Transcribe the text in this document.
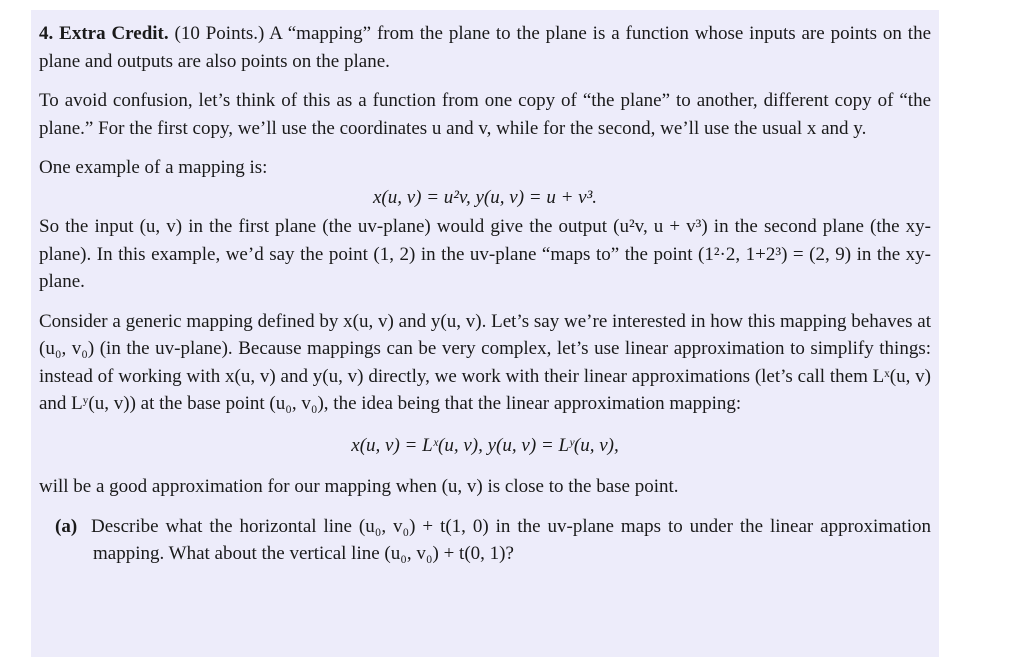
4. Extra Credit. (10 Points.) A “mapping” from the plane to the plane is a function whose inputs are points on the plane and outputs are also points on the plane.

To avoid confusion, let’s think of this as a function from one copy of “the plane” to another, different copy of “the plane.” For the first copy, we’ll use the coordinates u and v, while for the second, we’ll use the usual x and y.

One example of a mapping is:

x(u, v) = u²v, y(u, v) = u + v³.

So the input (u, v) in the first plane (the uv-plane) would give the output (u²v, u + v³) in the second plane (the xy-plane). In this example, we’d say the point (1, 2) in the uv-plane “maps to” the point (1²·2, 1+2³) = (2, 9) in the xy-plane.

Consider a generic mapping defined by x(u, v) and y(u, v). Let’s say we’re interested in how this mapping behaves at (u₀, v₀) (in the uv-plane). Because mappings can be very complex, let’s use linear approximation to simplify things: instead of working with x(u, v) and y(u, v) directly, we work with their linear approximations (let’s call them Lˣ(u, v) and Lʸ(u, v)) at the base point (u₀, v₀), the idea being that the linear approximation mapping:

x(u, v) = Lˣ(u, v), y(u, v) = Lʸ(u, v),

will be a good approximation for our mapping when (u, v) is close to the base point.

(a) Describe what the horizontal line (u₀, v₀) + t(1, 0) in the uv-plane maps to under the linear approximation mapping. What about the vertical line (u₀, v₀) + t(0, 1)?
